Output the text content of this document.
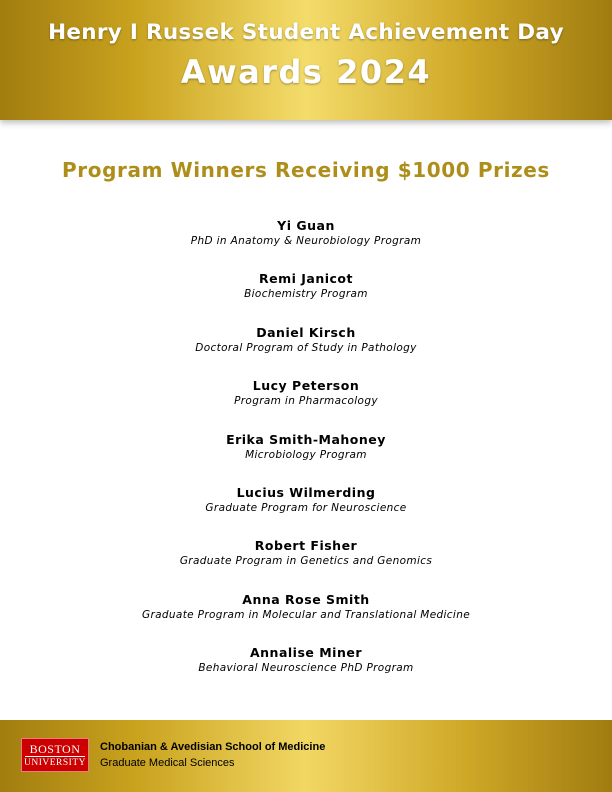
Henry I Russek Student Achievement Day
Awards 2024
Program Winners Receiving $1000 Prizes
Yi Guan
PhD in Anatomy & Neurobiology Program
Remi Janicot
Biochemistry Program
Daniel Kirsch
Doctoral Program of Study in Pathology
Lucy Peterson
Program in Pharmacology
Erika Smith-Mahoney
Microbiology Program
Lucius Wilmerding
Graduate Program for Neuroscience
Robert Fisher
Graduate Program in Genetics and Genomics
Anna Rose Smith
Graduate Program in Molecular and Translational Medicine
Annalise Miner
Behavioral Neuroscience PhD Program
BOSTON
UNIVERSITY
Chobanian & Avedisian School of Medicine
Graduate Medical Sciences
